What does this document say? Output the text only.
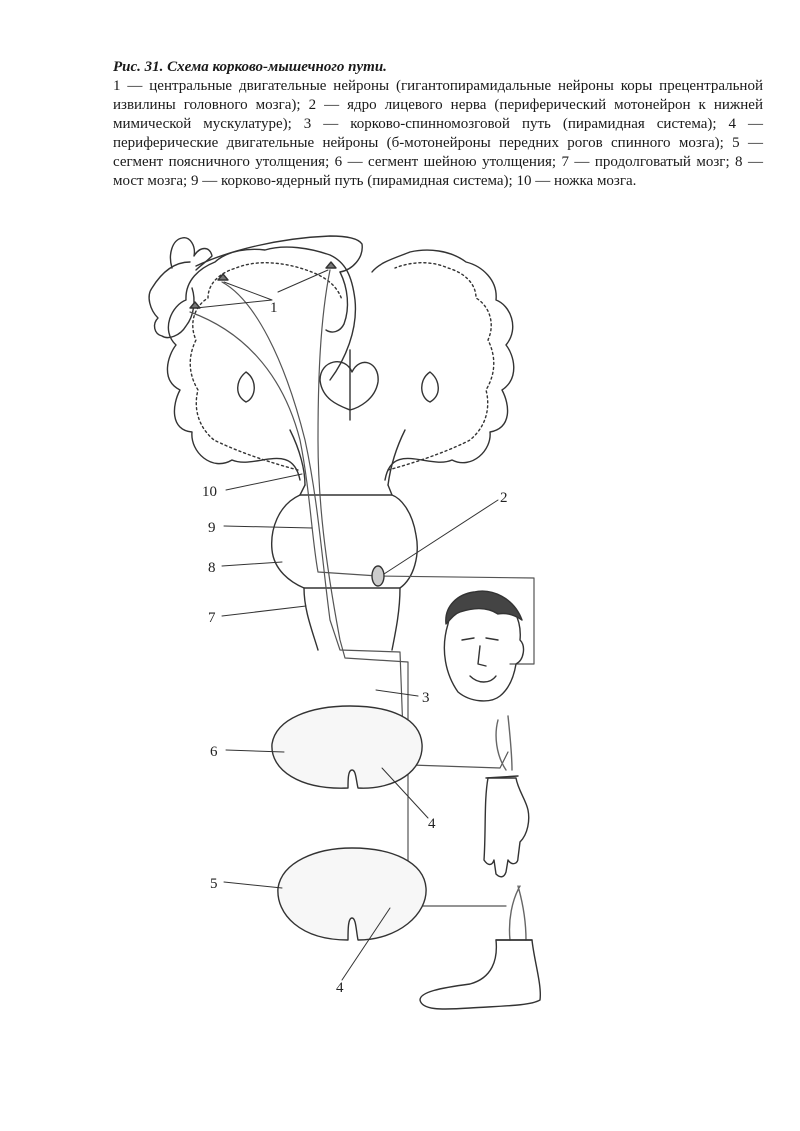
Рис. 31. Схема корково-мышечного пути.

1 — центральные двигательные нейроны (гигантопирамидальные нейроны коры прецентральной извилины головного мозга); 2 — ядро лицевого нерва (периферический мотонейрон к нижней мимической мускулатуре); 3 — корково-спинномозговой путь (пирамидная система); 4 — периферические двигательные нейроны (б-мотонейроны передних рогов спинного мозга); 5 — сегмент поясничного утолщения; 6 — сегмент шейною утолщения; 7 — продолговатый мозг; 8 — мост мозга; 9 — корково-ядерный путь (пирамидная система); 10 — ножка мозга.

1
2
3
4
4
5
6
7
8
9
10
